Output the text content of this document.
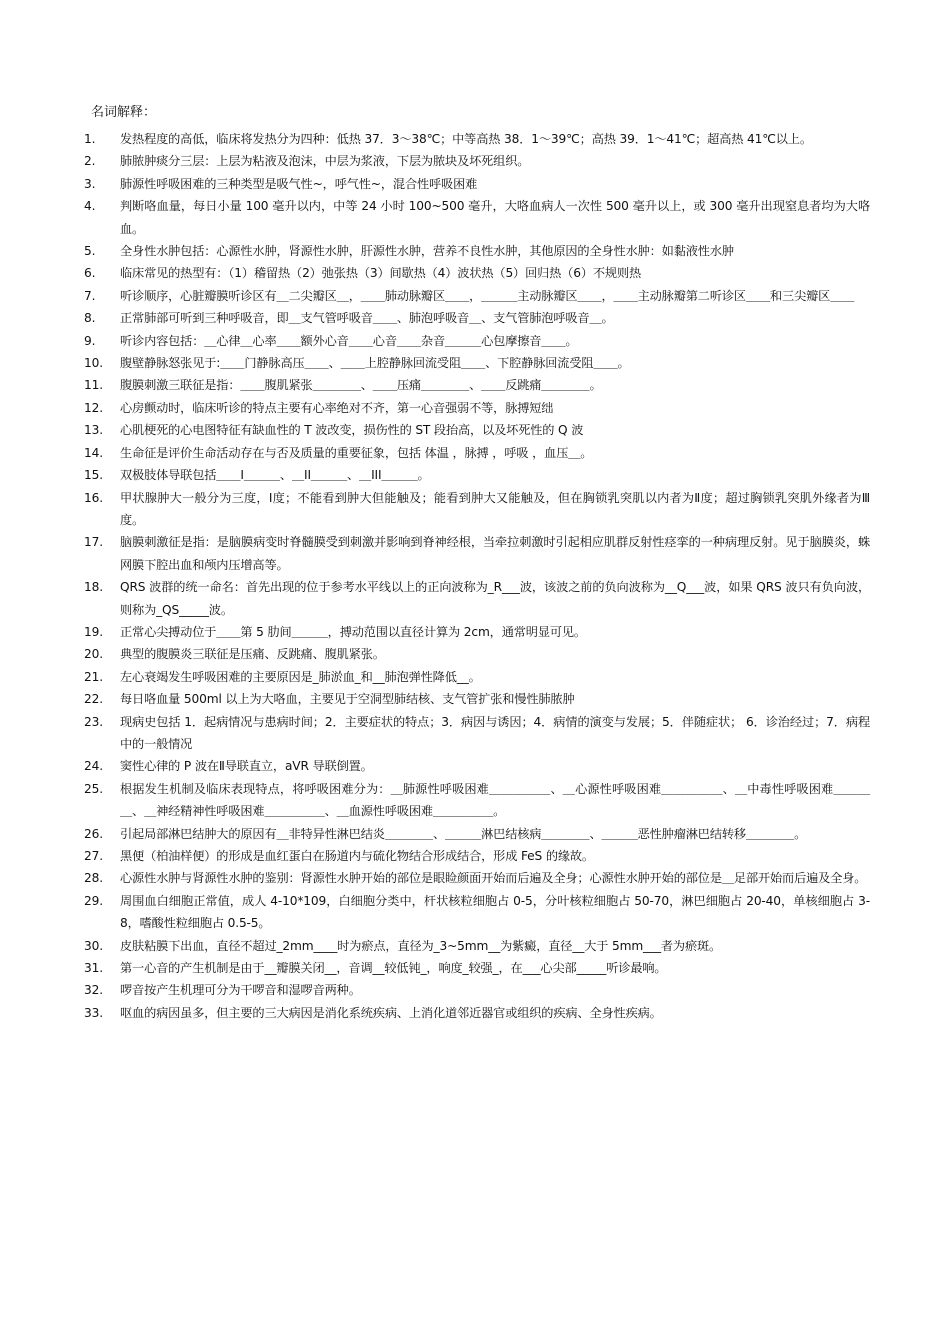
名词解释：
1.	发热程度的高低，临床将发热分为四种：低热 37．3～38℃；中等高热 38．1～39℃；高热 39．1～41℃；超高热 41℃以上。
2.	肺脓肿痰分三层：上层为粘液及泡沫，中层为浆液，下层为脓块及坏死组织。
3.	肺源性呼吸困难的三种类型是吸气性~，呼气性~，混合性呼吸困难
4.	判断咯血量，每日小量 100 毫升以内，中等 24 小时 100~500 毫升，大咯血病人一次性 500 毫升以上，或 300 毫升出现窒息者均为大咯血。
5.	全身性水肿包括：心源性水肿，肾源性水肿，肝源性水肿，营养不良性水肿，其他原因的全身性水肿：如黏液性水肿
6.	临床常见的热型有：（1）稽留热（2）弛张热（3）间歇热（4）波状热（5）回归热（6）不规则热
7.	听诊顺序，心脏瓣膜听诊区有＿二尖瓣区＿，＿＿肺动脉瓣区＿＿，＿＿＿主动脉瓣区＿＿，＿＿主动脉瓣第二听诊区＿＿和三尖瓣区＿＿
8.	正常肺部可听到三种呼吸音，即＿支气管呼吸音＿＿、肺泡呼吸音＿、支气管肺泡呼吸音＿。
9.	听诊内容包括：＿心律＿心率＿＿额外心音＿＿心音＿＿杂音＿＿＿心包摩擦音＿＿。
10.	腹壁静脉怒张见于:＿＿门静脉高压＿＿、＿＿上腔静脉回流受阻＿＿、下腔静脉回流受阻＿＿。
11.	腹膜刺激三联征是指：＿＿腹肌紧张＿＿＿＿、＿＿压痛＿＿＿＿、＿＿反跳痛＿＿＿＿。
12.	心房颤动时，临床听诊的特点主要有心率绝对不齐，第一心音强弱不等，脉搏短绌
13.	心肌梗死的心电图特征有缺血性的 T 波改变，损伤性的 ST 段抬高，以及坏死性的 Q 波
14.	生命征是评价生命活动存在与否及质量的重要征象，包括 体温 ，脉搏 ，呼吸 ，血压＿。
15.	双极肢体导联包括＿＿I＿＿＿、＿II＿＿＿、＿III＿＿＿。
16.	甲状腺肿大一般分为三度，Ⅰ度；不能看到肿大但能触及；能看到肿大又能触及，但在胸锁乳突肌以内者为Ⅱ度；超过胸锁乳突肌外缘者为Ⅲ度。
17.	脑膜刺激征是指：是脑膜病变时脊髓膜受到刺激并影响到脊神经根，当牵拉刺激时引起相应肌群反射性痉挛的一种病理反射。见于脑膜炎，蛛网膜下腔出血和颅内压增高等。
18.	QRS 波群的统一命名：首先出现的位于参考水平线以上的正向波称为_R___波，该波之前的负向波称为__Q___波，如果 QRS 波只有负向波，则称为_QS_____波。
19.	正常心尖搏动位于＿＿第 5 肋间＿＿＿，搏动范围以直径计算为 2cm，通常明显可见。
20.	典型的腹膜炎三联征是压痛、反跳痛、腹肌紧张。
21.	左心衰竭发生呼吸困难的主要原因是_肺淤血_和__肺泡弹性降低__。
22.	每日咯血量 500ml 以上为大咯血，主要见于空洞型肺结核、支气管扩张和慢性肺脓肿
23.	现病史包括 1．起病情况与患病时间；2．主要症状的特点；3．病因与诱因；4．病情的演变与发展；5．伴随症状； 6．诊治经过；7．病程中的一般情况
24.	窦性心律的 P 波在Ⅱ导联直立，aVR 导联倒置。
25.	根据发生机制及临床表现特点，将呼吸困难分为：＿肺源性呼吸困难＿＿＿＿＿、＿心源性呼吸困难＿＿＿＿＿、＿中毒性呼吸困难＿＿＿＿、＿神经精神性呼吸困难＿＿＿＿＿、＿血源性呼吸困难＿＿＿＿＿。
26.	引起局部淋巴结肿大的原因有＿非特异性淋巴结炎＿＿＿＿、＿＿＿淋巴结核病＿＿＿＿、＿＿＿恶性肿瘤淋巴结转移＿＿＿＿。
27.	黑便（柏油样便）的形成是血红蛋白在肠道内与硫化物结合形成结合，形成 FeS 的缘故。
28.	心源性水肿与肾源性水肿的鉴别：肾源性水肿开始的部位是眼睑颜面开始而后遍及全身；心源性水肿开始的部位是＿足部开始而后遍及全身。
29.	周围血白细胞正常值，成人 4-10*109，白细胞分类中，杆状核粒细胞占 0-5，分叶核粒细胞占 50-70，淋巴细胞占 20-40，单核细胞占 3-8，嗜酸性粒细胞占 0.5-5。
30.	皮肤粘膜下出血，直径不超过_2mm____时为瘀点，直径为_3~5mm__为紫癜，直径__大于 5mm___者为瘀斑。
31.	第一心音的产生机制是由于__瓣膜关闭__，音调__较低钝_，响度_较强_，在___心尖部_____听诊最响。
32.	啰音按产生机理可分为干啰音和湿啰音两种。
33.	呕血的病因虽多，但主要的三大病因是消化系统疾病、上消化道邻近器官或组织的疾病、全身性疾病。
